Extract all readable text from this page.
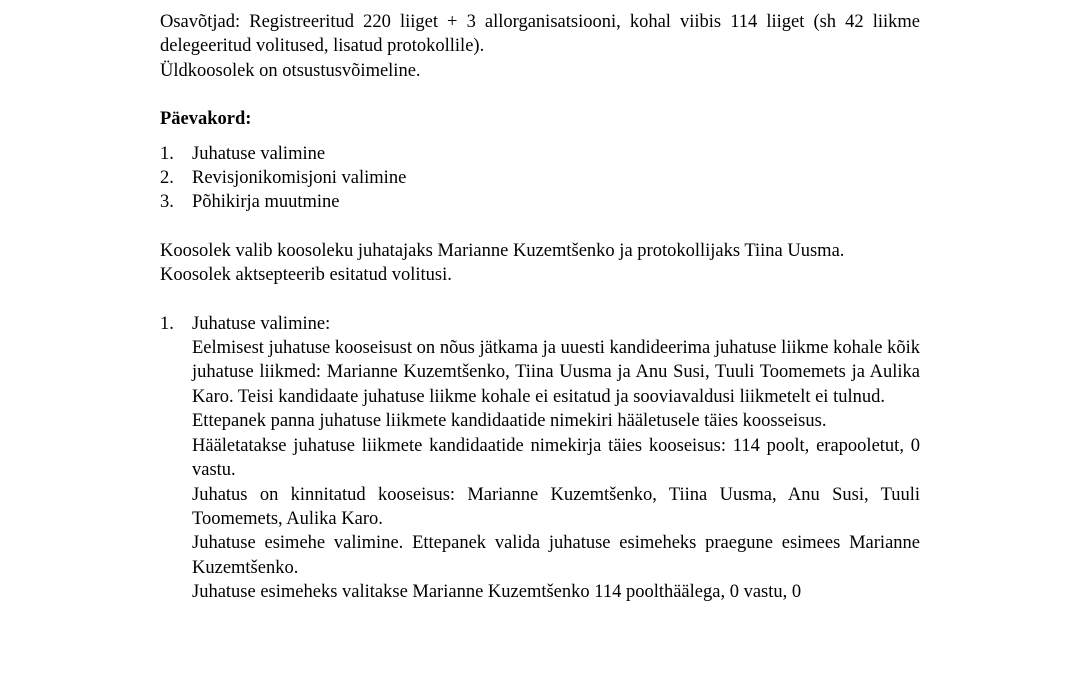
Osavõtjad: Registreeritud 220 liiget + 3 allorganisatsiooni, kohal viibis 114 liiget (sh 42 liikme delegeeritud volitused, lisatud protokollile).

Üldkoosolek on otsustusvõimeline.

Päevakord:

1. Juhatuse valimine
2. Revisjonikomisjoni valimine
3. Põhikirja muutmine

Koosolek valib koosoleku juhatajaks Marianne Kuzemtšenko ja protokollijaks Tiina Uusma.

Koosolek aktsepteerib esitatud volitusi.

1. Juhatuse valimine:

Eelmisest juhatuse kooseisust on nõus jätkama ja uuesti kandideerima juhatuse liikme kohale kõik juhatuse liikmed: Marianne Kuzemtšenko, Tiina Uusma ja Anu Susi, Tuuli Toomemets ja Aulika Karo. Teisi kandidaate juhatuse liikme kohale ei esitatud ja sooviavaldusi liikmetelt ei tulnud.

Ettepanek panna juhatuse liikmete kandidaatide nimekiri hääletusele täies koosseisus.

Hääletatakse juhatuse liikmete kandidaatide nimekirja täies kooseisus: 114 poolt, erapooletut, 0 vastu.

Juhatus on kinnitatud kooseisus: Marianne Kuzemtšenko, Tiina Uusma, Anu Susi, Tuuli Toomemets, Aulika Karo.

Juhatuse esimehe valimine. Ettepanek valida juhatuse esimeheks praegune esimees Marianne Kuzemtšenko.

Juhatuse esimeheks valitakse Marianne Kuzemtšenko 114 poolthäälega, 0 vastu, 0
